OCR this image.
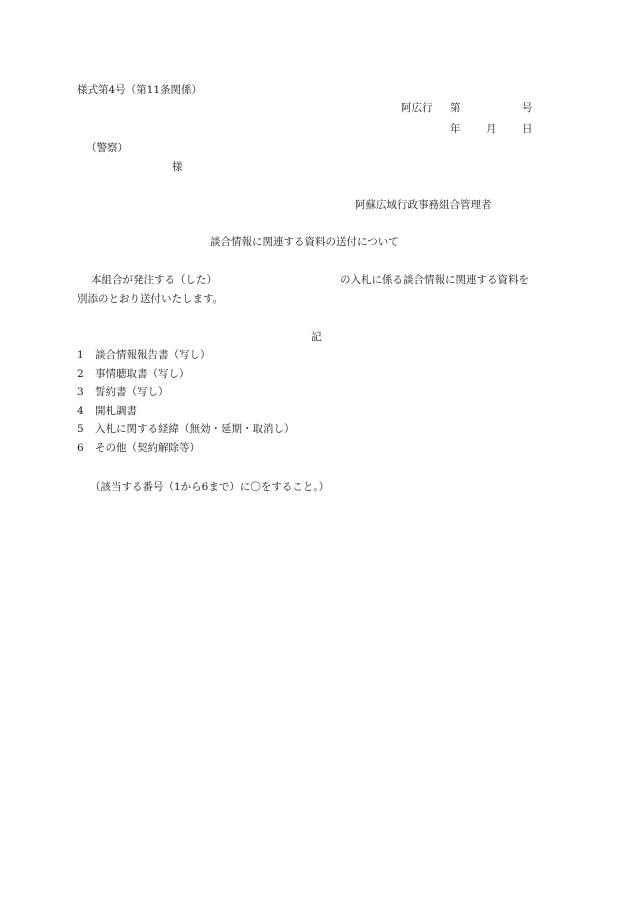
様式第4号（第11条関係）
阿広行 第	号
年 月 日
（警察）
様
阿蘇広域行政事務組合管理者
談合情報に関連する資料の送付について
本組合が発注する（した）	の入札に係る談合情報に関連する資料を
別添のとおり送付いたします。
記
1	談合情報報告書（写し）
2	事情聴取書（写し）
3	誓約書（写し）
4	開札調書
5	入札に関する経緯（無効・延期・取消し）
6	その他（契約解除等）
（該当する番号（1から6まで）に〇をすること。）
